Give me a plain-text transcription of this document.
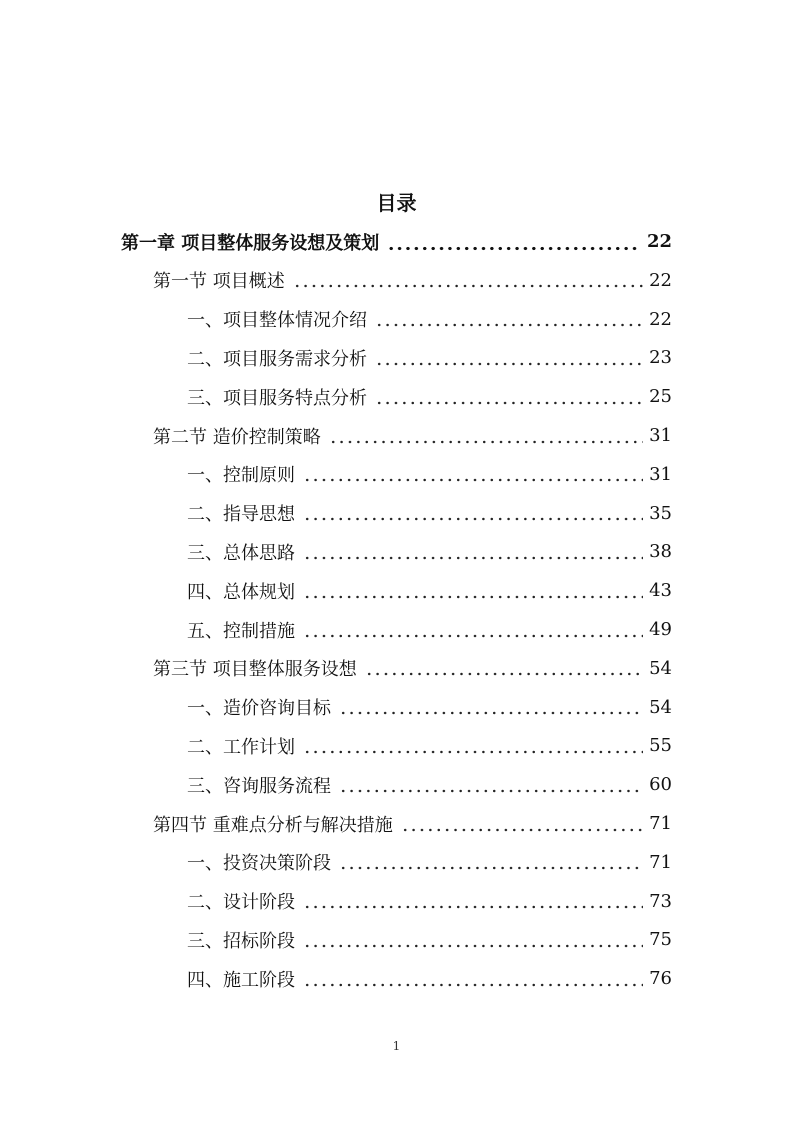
目录
第一章 项目整体服务设想及策划	22
第一节 项目概述	22
一、项目整体情况介绍	22
二、项目服务需求分析	23
三、项目服务特点分析	25
第二节 造价控制策略	31
一、控制原则	31
二、指导思想	35
三、总体思路	38
四、总体规划	43
五、控制措施	49
第三节 项目整体服务设想	54
一、造价咨询目标	54
二、工作计划	55
三、咨询服务流程	60
第四节 重难点分析与解决措施	71
一、投资决策阶段	71
二、设计阶段	73
三、招标阶段	75
四、施工阶段	76
1
